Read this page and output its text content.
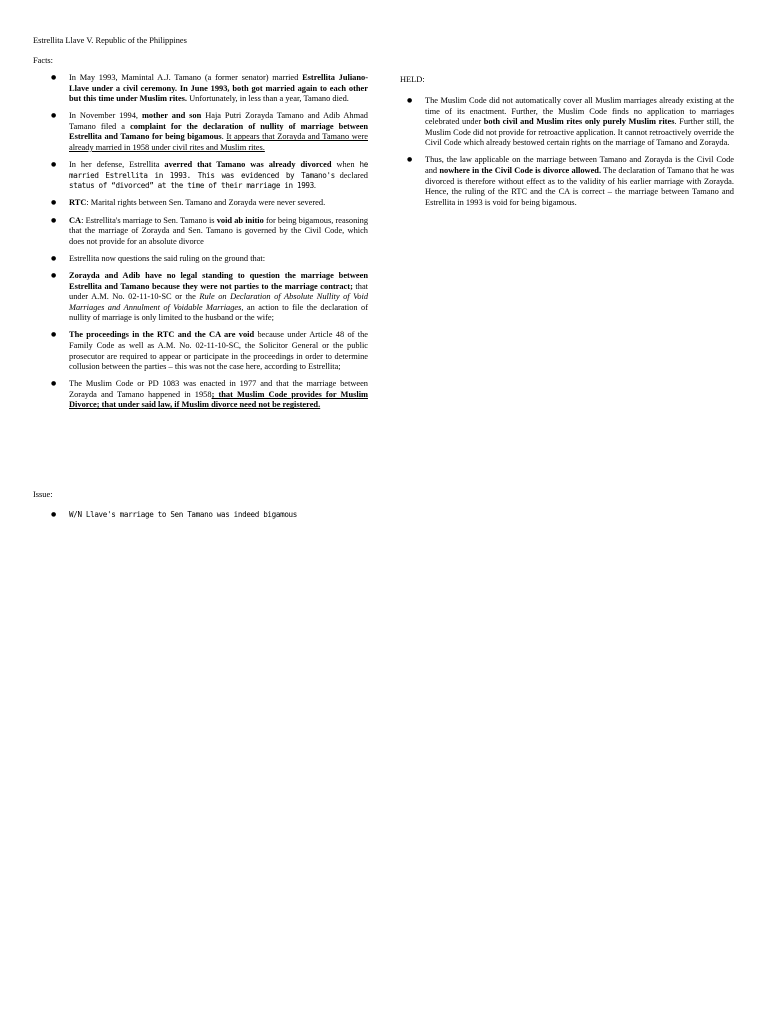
Estrellita Llave V. Republic of the Philippines
Facts:
● In May 1993, Mamintal A.J. Tamano (a former senator) married Estrellita Juliano-Llave under a civil ceremony. In June 1993, both got married again to each other but this time under Muslim rites. Unfortunately, in less than a year, Tamano died.
● In November 1994, mother and son Haja Putri Zorayda Tamano and Adib Ahmad Tamano filed a complaint for the declaration of nullity of marriage between Estrellita and Tamano for being bigamous. It appears that Zorayda and Tamano were already married in 1958 under civil rites and Muslim rites.
● In her defense, Estrellita averred that Tamano was already divorced when he married Estrellita in 1993. This was evidenced by Tamano's declared status of “divorced” at the time of their marriage in 1993.
● RTC: Marital rights between Sen. Tamano and Zorayda were never severed.
● CA: Estrellita's marriage to Sen. Tamano is void ab initio for being bigamous, reasoning that the marriage of Zorayda and Sen. Tamano is governed by the Civil Code, which does not provide for an absolute divorce
● Estrellita now questions the said ruling on the ground that:
● Zorayda and Adib have no legal standing to question the marriage between Estrellita and Tamano because they were not parties to the marriage contract; that under A.M. No. 02-11-10-SC or the Rule on Declaration of Absolute Nullity of Void Marriages and Annulment of Voidable Marriages, an action to file the declaration of nullity of marriage is only limited to the husband or the wife;
● The proceedings in the RTC and the CA are void because under Article 48 of the Family Code as well as A.M. No. 02-11-10-SC, the Solicitor General or the public prosecutor are required to appear or participate in the proceedings in order to determine collusion between the parties – this was not the case here, according to Estrellita;
● The Muslim Code or PD 1083 was enacted in 1977 and that the marriage between Zorayda and Tamano happened in 1958; that Muslim Code provides for Muslim Divorce; that under said law, if Muslim divorce need not be registered.
Issue:
● W/N Llave's marriage to Sen Tamano was indeed bigamous
HELD:
● The Muslim Code did not automatically cover all Muslim marriages already existing at the time of its enactment. Further, the Muslim Code finds no application to marriages celebrated under both civil and Muslim rites only purely Muslim rites. Further still, the Muslim Code did not provide for retroactive application. It cannot retroactively override the Civil Code which already bestowed certain rights on the marriage of Tamano and Zorayda.
● Thus, the law applicable on the marriage between Tamano and Zorayda is the Civil Code and nowhere in the Civil Code is divorce allowed. The declaration of Tamano that he was divorced is therefore without effect as to the validity of his earlier marriage with Zorayda. Hence, the ruling of the RTC and the CA is correct – the marriage between Tamano and Estrellita in 1993 is void for being bigamous.
